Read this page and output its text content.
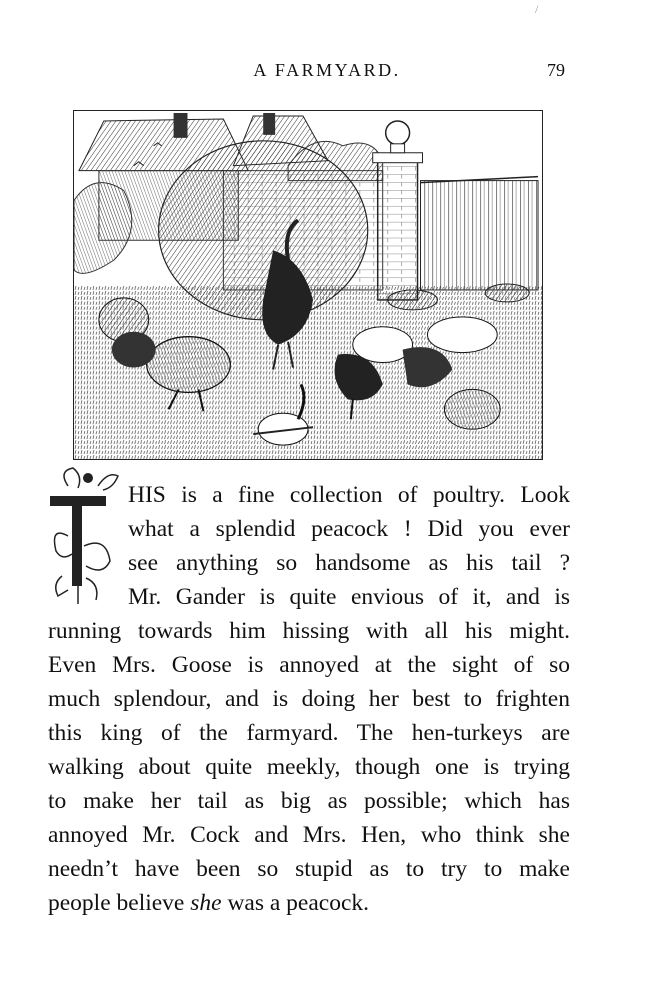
/
A FARMYARD.	79
HIS is a fine collection of poultry. Look
what a splendid peacock ! Did you ever
see anything so handsome as his tail ?
Mr. Gander is quite envious of it, and is
running towards him hissing with all his might.
Even Mrs. Goose is annoyed at the sight of so
much splendour, and is doing her best to frighten
this king of the farmyard. The hen-turkeys are
walking about quite meekly, though one is trying
to make her tail as big as possible; which has
annoyed Mr. Cock and Mrs. Hen, who think she
needn’t have been so stupid as to try to make
people believe she was a peacock.
